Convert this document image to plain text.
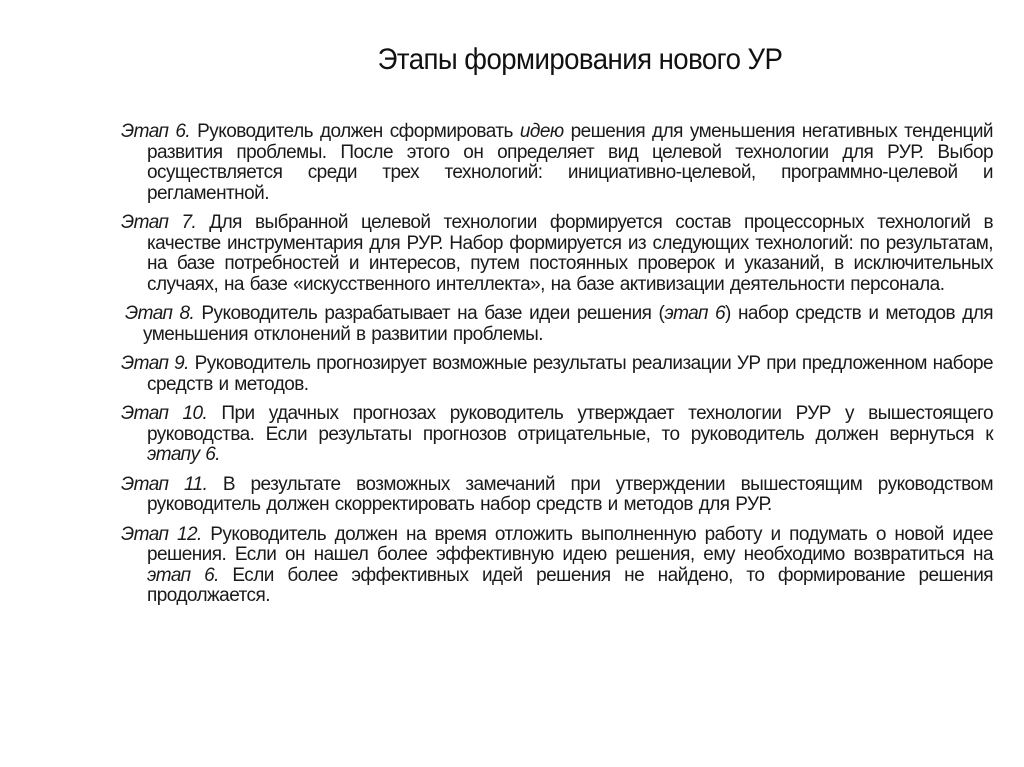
Этапы формирования нового УР

Этап 6. Руководитель должен сформировать идею решения для уменьшения негативных тенденций развития проблемы. После этого он определяет вид целевой технологии для РУР. Выбор осуществляется среди трех технологий: инициативно-целевой, программно-целевой и регламентной.

Этап 7. Для выбранной целевой технологии формируется состав процессорных технологий в качестве инструментария для РУР. Набор формируется из следующих технологий: по результатам, на базе потребностей и интересов, путем постоянных проверок и указаний, в исключительных случаях, на базе «искусственного интеллекта», на базе активизации деятельности персонала.

Этап 8. Руководитель разрабатывает на базе идеи решения (этап 6) набор средств и методов для уменьшения отклонений в развитии проблемы.

Этап 9. Руководитель прогнозирует возможные результаты реализации УР при предложенном наборе средств и методов.

Этап 10. При удачных прогнозах руководитель утверждает технологии РУР у вышестоящего руководства. Если результаты прогнозов отрицательные, то руководитель должен вернуться к этапу 6.

Этап 11. В результате возможных замечаний при утверждении вышестоящим руководством руководитель должен скорректировать набор средств и методов для РУР.

Этап 12. Руководитель должен на время отложить выполненную работу и подумать о новой идее решения. Если он нашел более эффективную идею решения, ему необходимо возвратиться на этап 6. Если более эффективных идей решения не найдено, то формирование решения продолжается.
